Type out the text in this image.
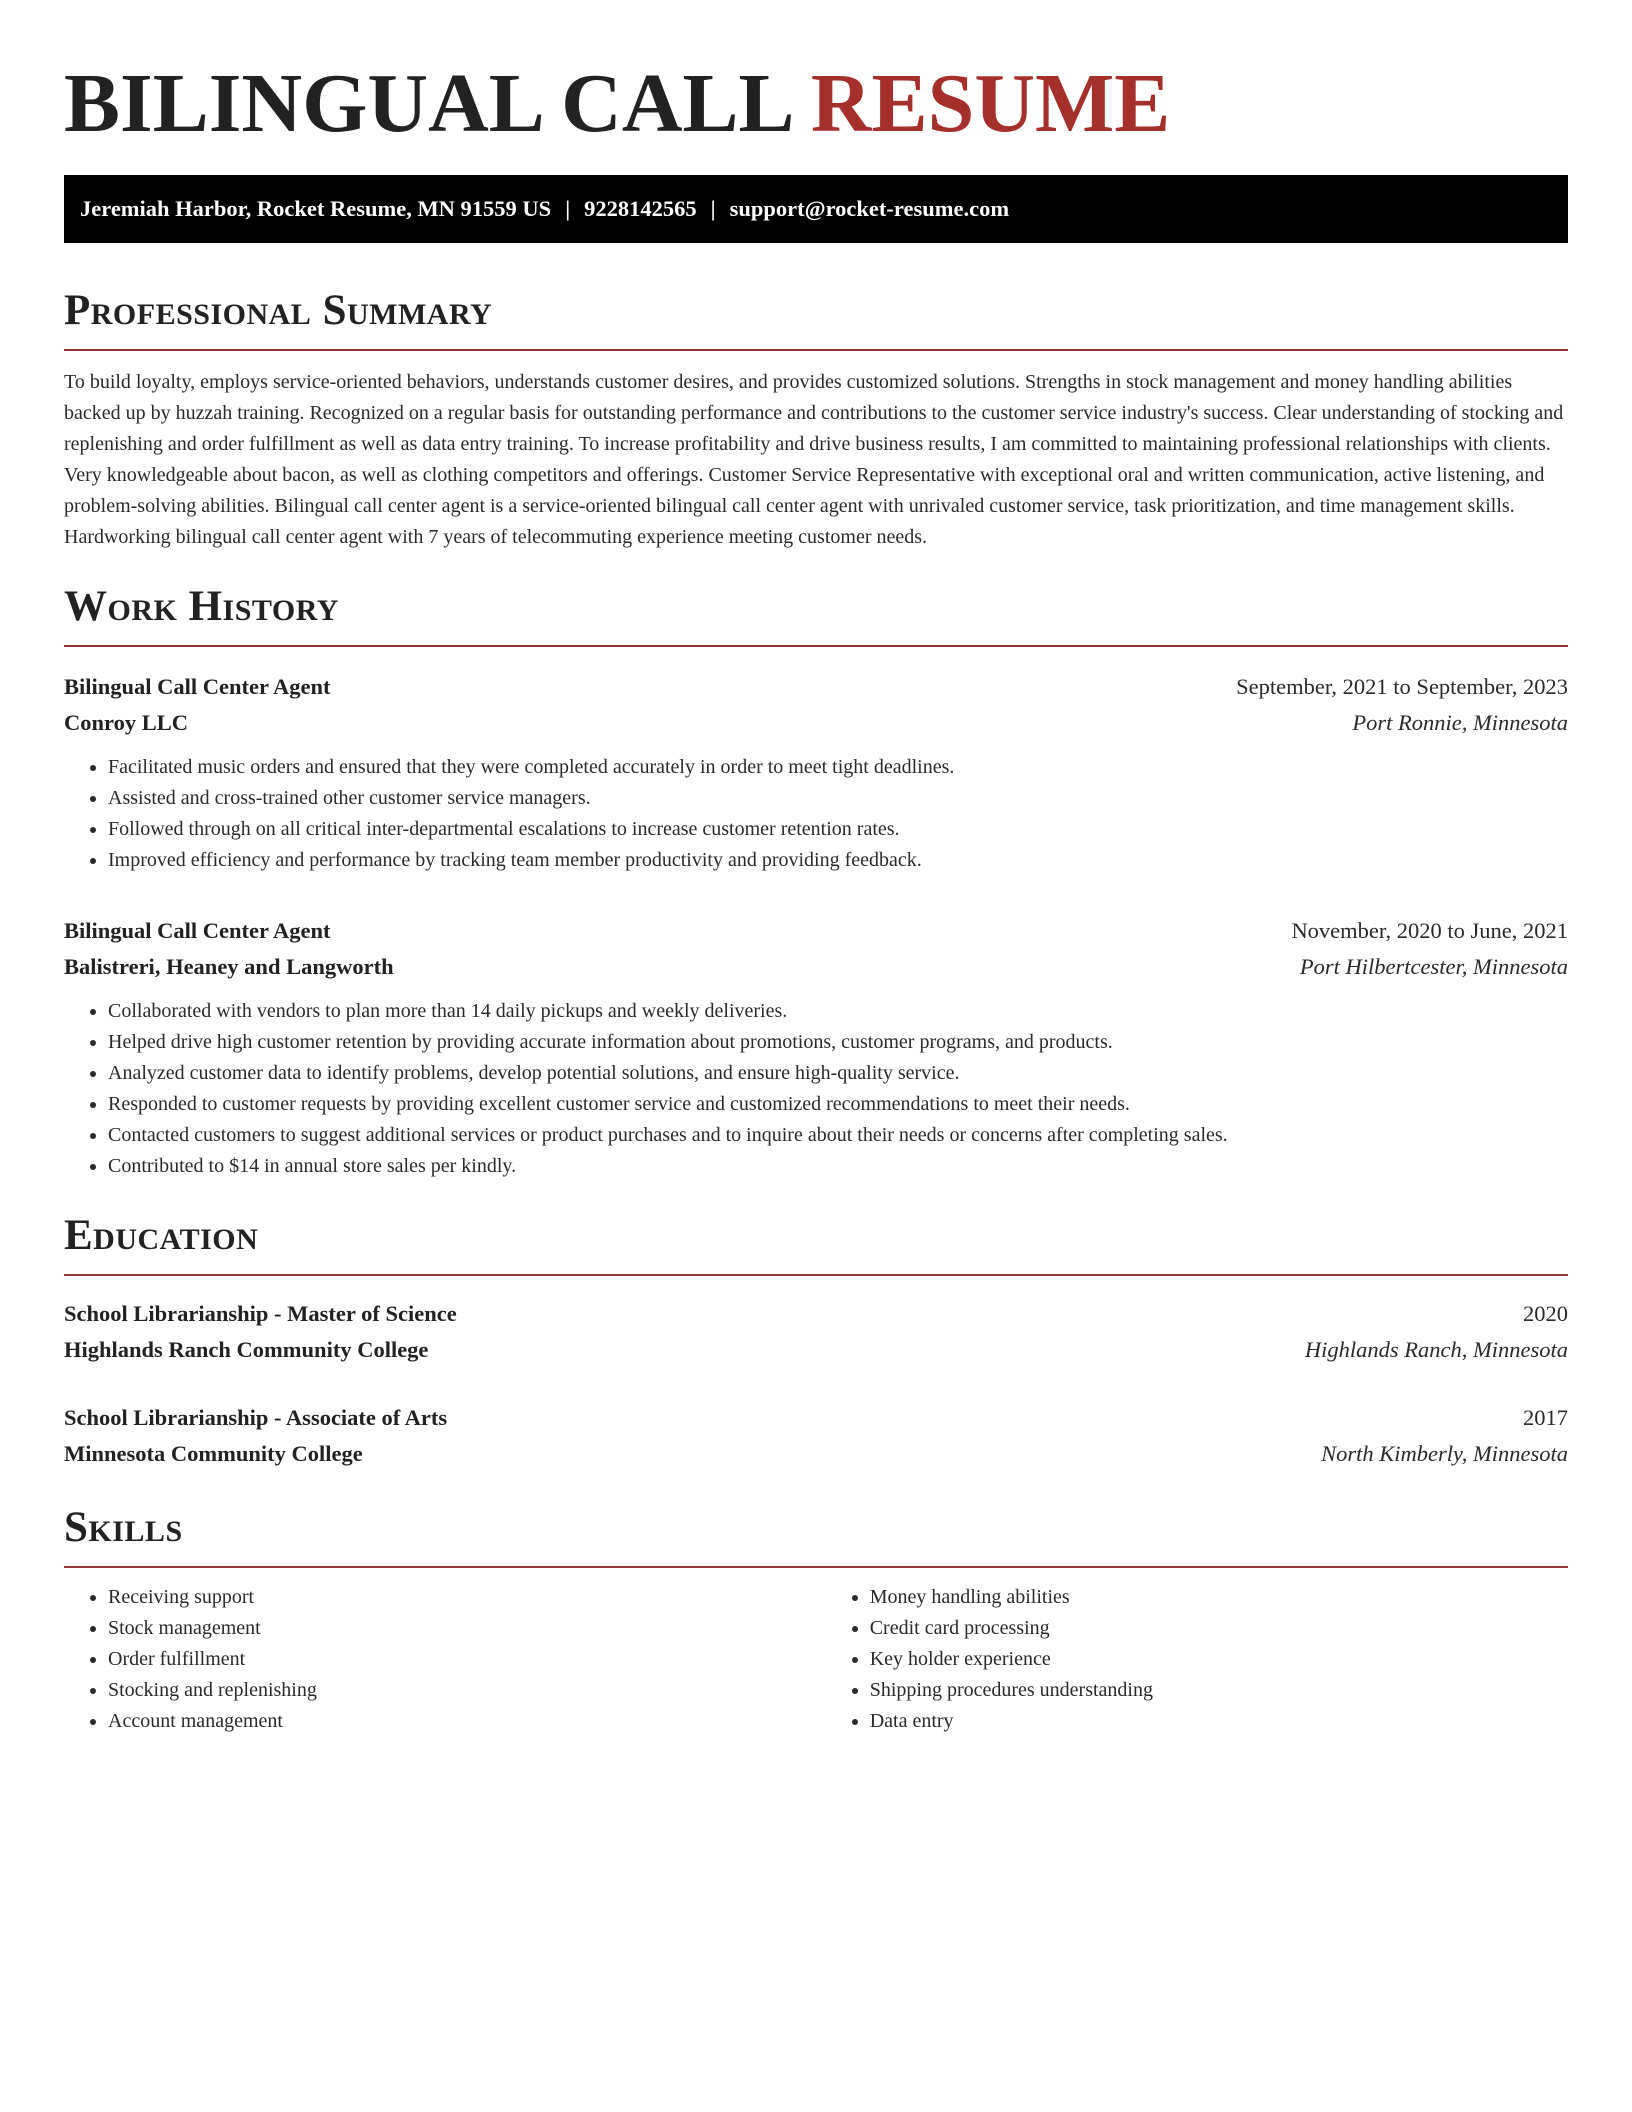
BILINGUAL CALL RESUME
Jeremiah Harbor, Rocket Resume, MN 91559 US | 9228142565 | support@rocket-resume.com
Professional Summary

To build loyalty, employs service-oriented behaviors, understands customer desires, and provides customized solutions. Strengths in stock management and money handling abilities backed up by huzzah training. Recognized on a regular basis for outstanding performance and contributions to the customer service industry's success. Clear understanding of stocking and replenishing and order fulfillment as well as data entry training. To increase profitability and drive business results, I am committed to maintaining professional relationships with clients. Very knowledgeable about bacon, as well as clothing competitors and offerings. Customer Service Representative with exceptional oral and written communication, active listening, and problem-solving abilities. Bilingual call center agent is a service-oriented bilingual call center agent with unrivaled customer service, task prioritization, and time management skills. Hardworking bilingual call center agent with 7 years of telecommuting experience meeting customer needs.

Work History
Bilingual Call Center Agent	September, 2021 to September, 2023
Conroy LLC	Port Ronnie, Minnesota
• Facilitated music orders and ensured that they were completed accurately in order to meet tight deadlines.
• Assisted and cross-trained other customer service managers.
• Followed through on all critical inter-departmental escalations to increase customer retention rates.
• Improved efficiency and performance by tracking team member productivity and providing feedback.
Bilingual Call Center Agent	November, 2020 to June, 2021
Balistreri, Heaney and Langworth	Port Hilbertcester, Minnesota
• Collaborated with vendors to plan more than 14 daily pickups and weekly deliveries.
• Helped drive high customer retention by providing accurate information about promotions, customer programs, and products.
• Analyzed customer data to identify problems, develop potential solutions, and ensure high-quality service.
• Responded to customer requests by providing excellent customer service and customized recommendations to meet their needs.
• Contacted customers to suggest additional services or product purchases and to inquire about their needs or concerns after completing sales.
• Contributed to $14 in annual store sales per kindly.
Education
School Librarianship - Master of Science	2020
Highlands Ranch Community College	Highlands Ranch, Minnesota
School Librarianship - Associate of Arts	2017
Minnesota Community College	North Kimberly, Minnesota
Skills
• Receiving support
• Stock management
• Order fulfillment
• Stocking and replenishing
• Account management
• Money handling abilities
• Credit card processing
• Key holder experience
• Shipping procedures understanding
• Data entry
